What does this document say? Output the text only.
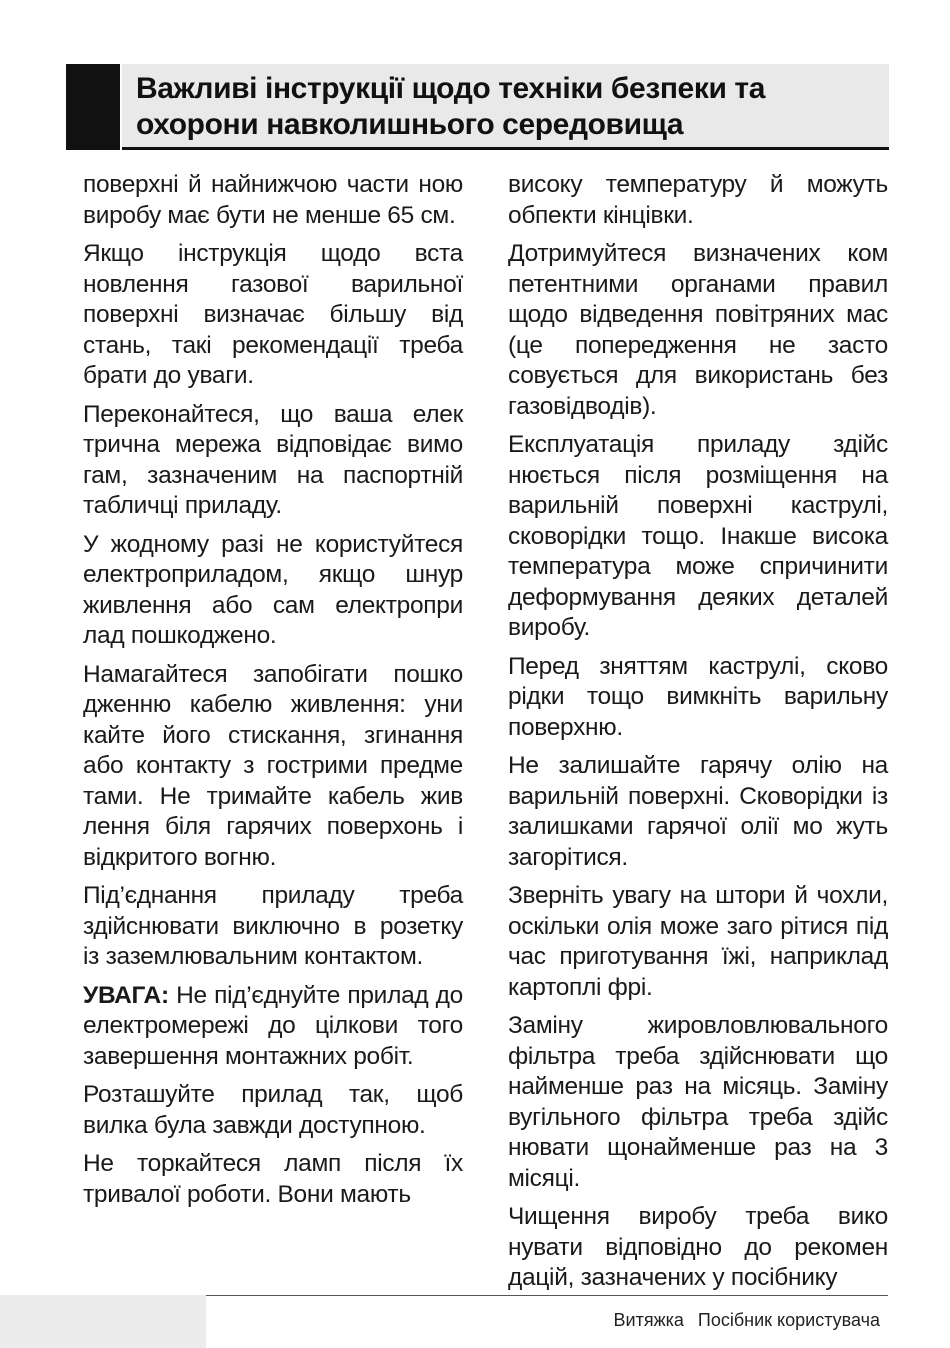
Важливі інструкції щодо техніки безпеки та охорони навколишнього середовища

поверхні й найнижчою части ною виробу має бути не менше 65 см.

Якщо інструкція щодо вста новлення газової варильної поверхні визначає більшу від стань, такі рекомендації треба брати до уваги.

Переконайтеся, що ваша елек трична мережа відповідає вимо гам, зазначеним на паспортній табличці приладу.

У жодному разі не користуйтеся електроприладом, якщо шнур живлення або сам електропри лад пошкоджено.

Намагайтеся запобігати пошко дженню кабелю живлення: уни кайте його стискання, згинання або контакту з гострими предме тами. Не тримайте кабель жив лення біля гарячих поверхонь і відкритого вогню.

Під’єднання приладу треба здійснювати виключно в розетку із заземлювальним контактом.

УВАГА: Не під’єднуйте прилад до електромережі до цілкови того завершення монтажних робіт.

Розташуйте прилад так, щоб вилка була завжди доступною.

Не торкайтеся ламп після їх тривалої роботи. Вони мають

високу температуру й можуть обпекти кінцівки.

Дотримуйтеся визначених ком петентними органами правил щодо відведення повітряних мас (це попередження не засто совується для використань без газовідводів).

Експлуатація приладу здійс нюється після розміщення на варильній поверхні каструлі, сковорідки тощо. Інакше висока температура може спричинити деформування деяких деталей виробу.

Перед зняттям каструлі, сково рідки тощо вимкніть варильну поверхню.

Не залишайте гарячу олію на варильній поверхні. Сковорідки із залишками гарячої олії мо жуть загорітися.

Зверніть увагу на штори й чохли, оскільки олія може заго рітися під час приготування їжі, наприклад картоплі фрі.

Заміну жировловлювального фільтра треба здійснювати що найменше раз на місяць. Заміну вугільного фільтра треба здійс нювати щонайменше раз на 3 місяці.

Чищення виробу треба вико нувати відповідно до рекомен дацій, зазначених у посібнику

Витяжка Посібник користувача
